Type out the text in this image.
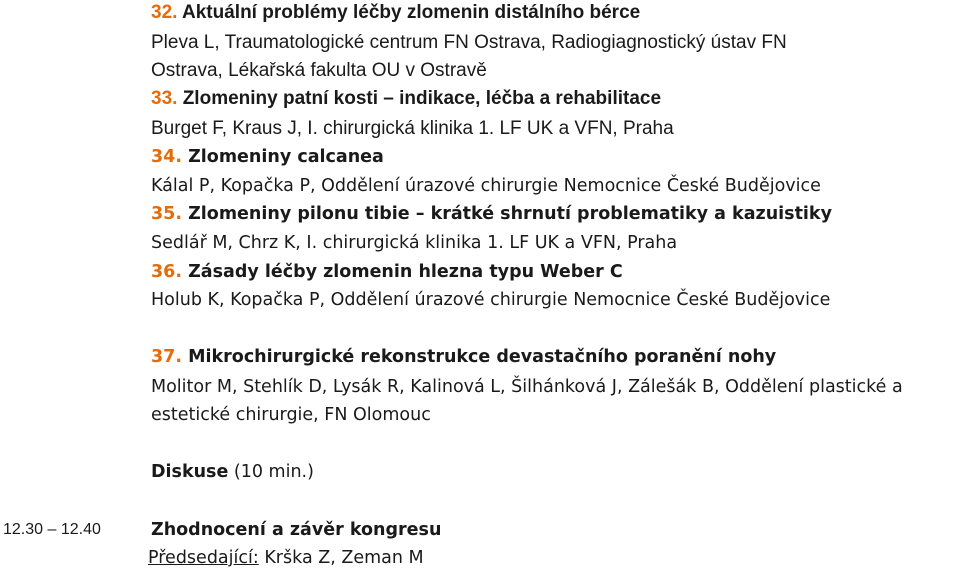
32. Aktuální problémy léčby zlomenin distálního bérce
Pleva L, Traumatologické centrum FN Ostrava, Radiogiagnostický ústav FN
Ostrava, Lékařská fakulta OU v Ostravě
33. Zlomeniny patní kosti – indikace, léčba a rehabilitace
Burget F, Kraus J, I. chirurgická klinika 1. LF UK a VFN, Praha
34. Zlomeniny calcanea
Kálal P, Kopačka P, Oddělení úrazové chirurgie Nemocnice České Budějovice
35. Zlomeniny pilonu tibie – krátké shrnutí problematiky a kazuistiky
Sedlář M, Chrz K, I. chirurgická klinika 1. LF UK a VFN, Praha
36. Zásady léčby zlomenin hlezna typu Weber C
Holub K, Kopačka P, Oddělení úrazové chirurgie Nemocnice České Budějovice
37. Mikrochirurgické rekonstrukce devastačního poranění nohy
Molitor M, Stehlík D, Lysák R, Kalinová L, Šilhánková J, Zálešák B, Oddělení plastické a
estetické chirurgie, FN Olomouc
Diskuse (10 min.)
12.30 – 12.40	Zhodnocení a závěr kongresu
Předsedající: Krška Z, Zeman M
